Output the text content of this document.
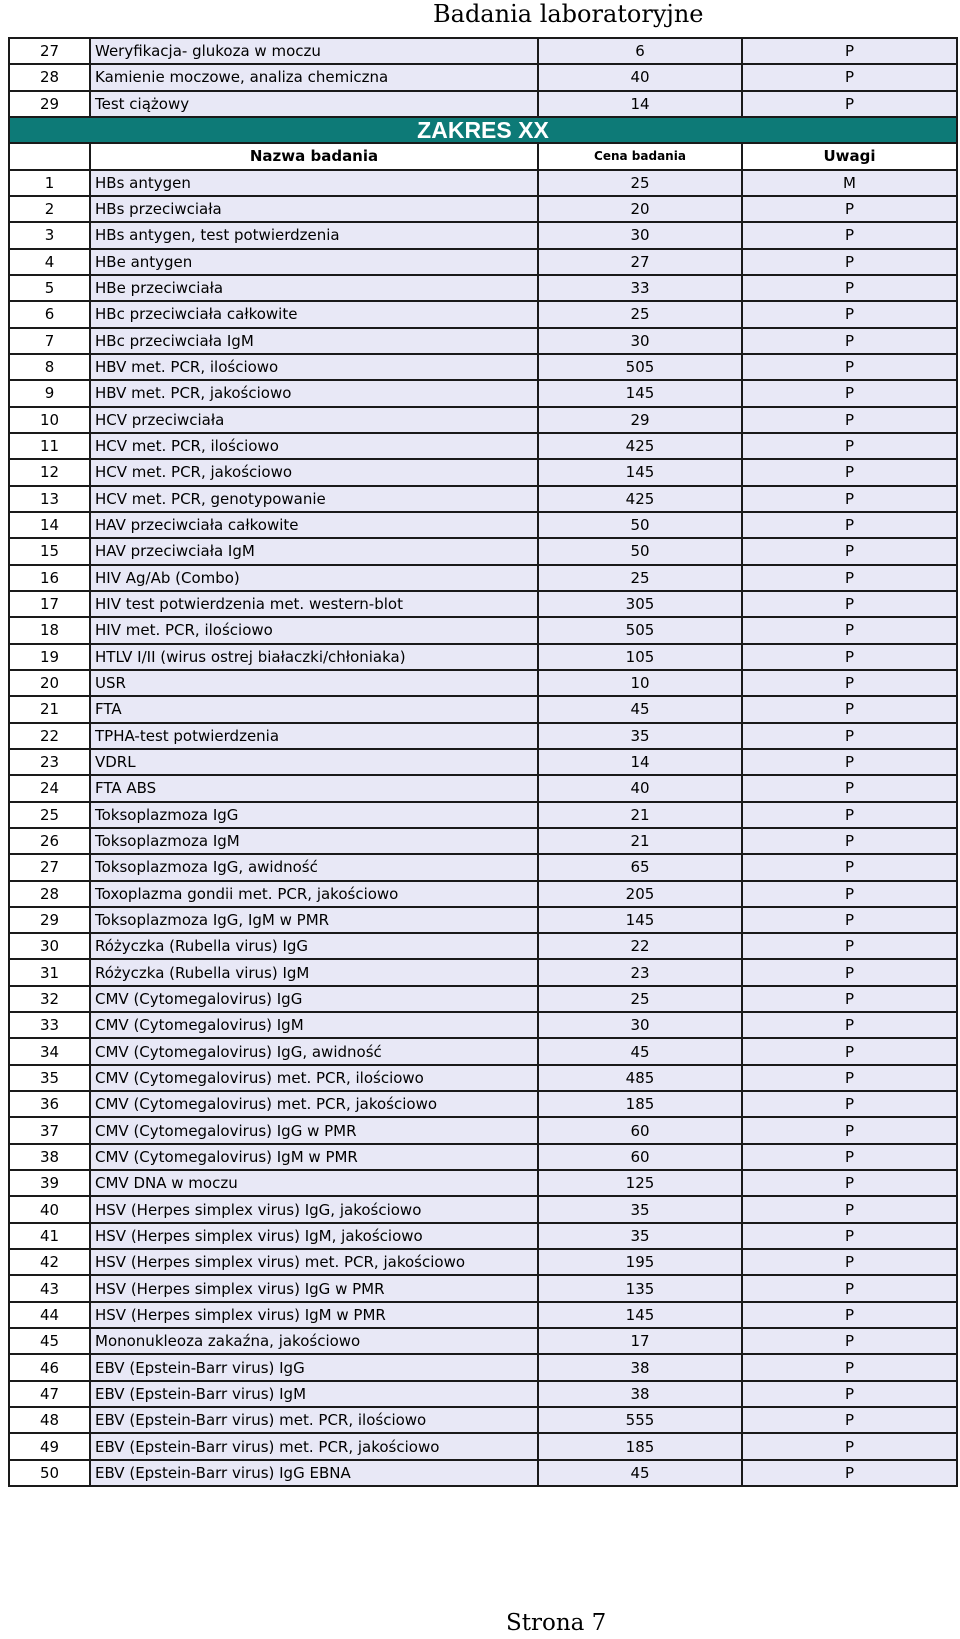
Badania laboratoryjne
27	Weryfikacja- glukoza w moczu	6	P
28	Kamienie moczowe, analiza chemiczna	40	P
29	Test ciążowy	14	P
ZAKRES XX			
	Nazwa badania	Cena badania	Uwagi
1	HBs antygen	25	M
2	HBs przeciwciała	20	P
3	HBs antygen, test potwierdzenia	30	P
4	HBe antygen	27	P
5	HBe przeciwciała	33	P
6	HBc przeciwciała całkowite	25	P
7	HBc przeciwciała IgM	30	P
8	HBV met. PCR, ilościowo	505	P
9	HBV met. PCR, jakościowo	145	P
10	HCV przeciwciała	29	P
11	HCV met. PCR, ilościowo	425	P
12	HCV met. PCR, jakościowo	145	P
13	HCV met. PCR, genotypowanie	425	P
14	HAV przeciwciała całkowite	50	P
15	HAV przeciwciała IgM	50	P
16	HIV Ag/Ab (Combo)	25	P
17	HIV test potwierdzenia met. western-blot	305	P
18	HIV met. PCR, ilościowo	505	P
19	HTLV I/II (wirus ostrej białaczki/chłoniaka)	105	P
20	USR	10	P
21	FTA	45	P
22	TPHA-test potwierdzenia	35	P
23	VDRL	14	P
24	FTA ABS	40	P
25	Toksoplazmoza IgG	21	P
26	Toksoplazmoza IgM	21	P
27	Toksoplazmoza IgG, awidność	65	P
28	Toxoplazma gondii met. PCR, jakościowo	205	P
29	Toksoplazmoza IgG, IgM w PMR	145	P
30	Różyczka (Rubella virus) IgG	22	P
31	Różyczka (Rubella virus) IgM	23	P
32	CMV (Cytomegalovirus) IgG	25	P
33	CMV (Cytomegalovirus) IgM	30	P
34	CMV (Cytomegalovirus) IgG, awidność	45	P
35	CMV (Cytomegalovirus) met. PCR, ilościowo	485	P
36	CMV (Cytomegalovirus) met. PCR, jakościowo	185	P
37	CMV (Cytomegalovirus) IgG w PMR	60	P
38	CMV (Cytomegalovirus) IgM w PMR	60	P
39	CMV DNA w moczu	125	P
40	HSV (Herpes simplex virus) IgG, jakościowo	35	P
41	HSV (Herpes simplex virus) IgM, jakościowo	35	P
42	HSV (Herpes simplex virus) met. PCR, jakościowo	195	P
43	HSV (Herpes simplex virus) IgG w PMR	135	P
44	HSV (Herpes simplex virus) IgM w PMR	145	P
45	Mononukleoza zakaźna, jakościowo	17	P
46	EBV (Epstein-Barr virus) IgG	38	P
47	EBV (Epstein-Barr virus) IgM	38	P
48	EBV (Epstein-Barr virus) met. PCR, ilościowo	555	P
49	EBV (Epstein-Barr virus) met. PCR, jakościowo	185	P
50	EBV (Epstein-Barr virus) IgG EBNA	45	P
Strona 7
